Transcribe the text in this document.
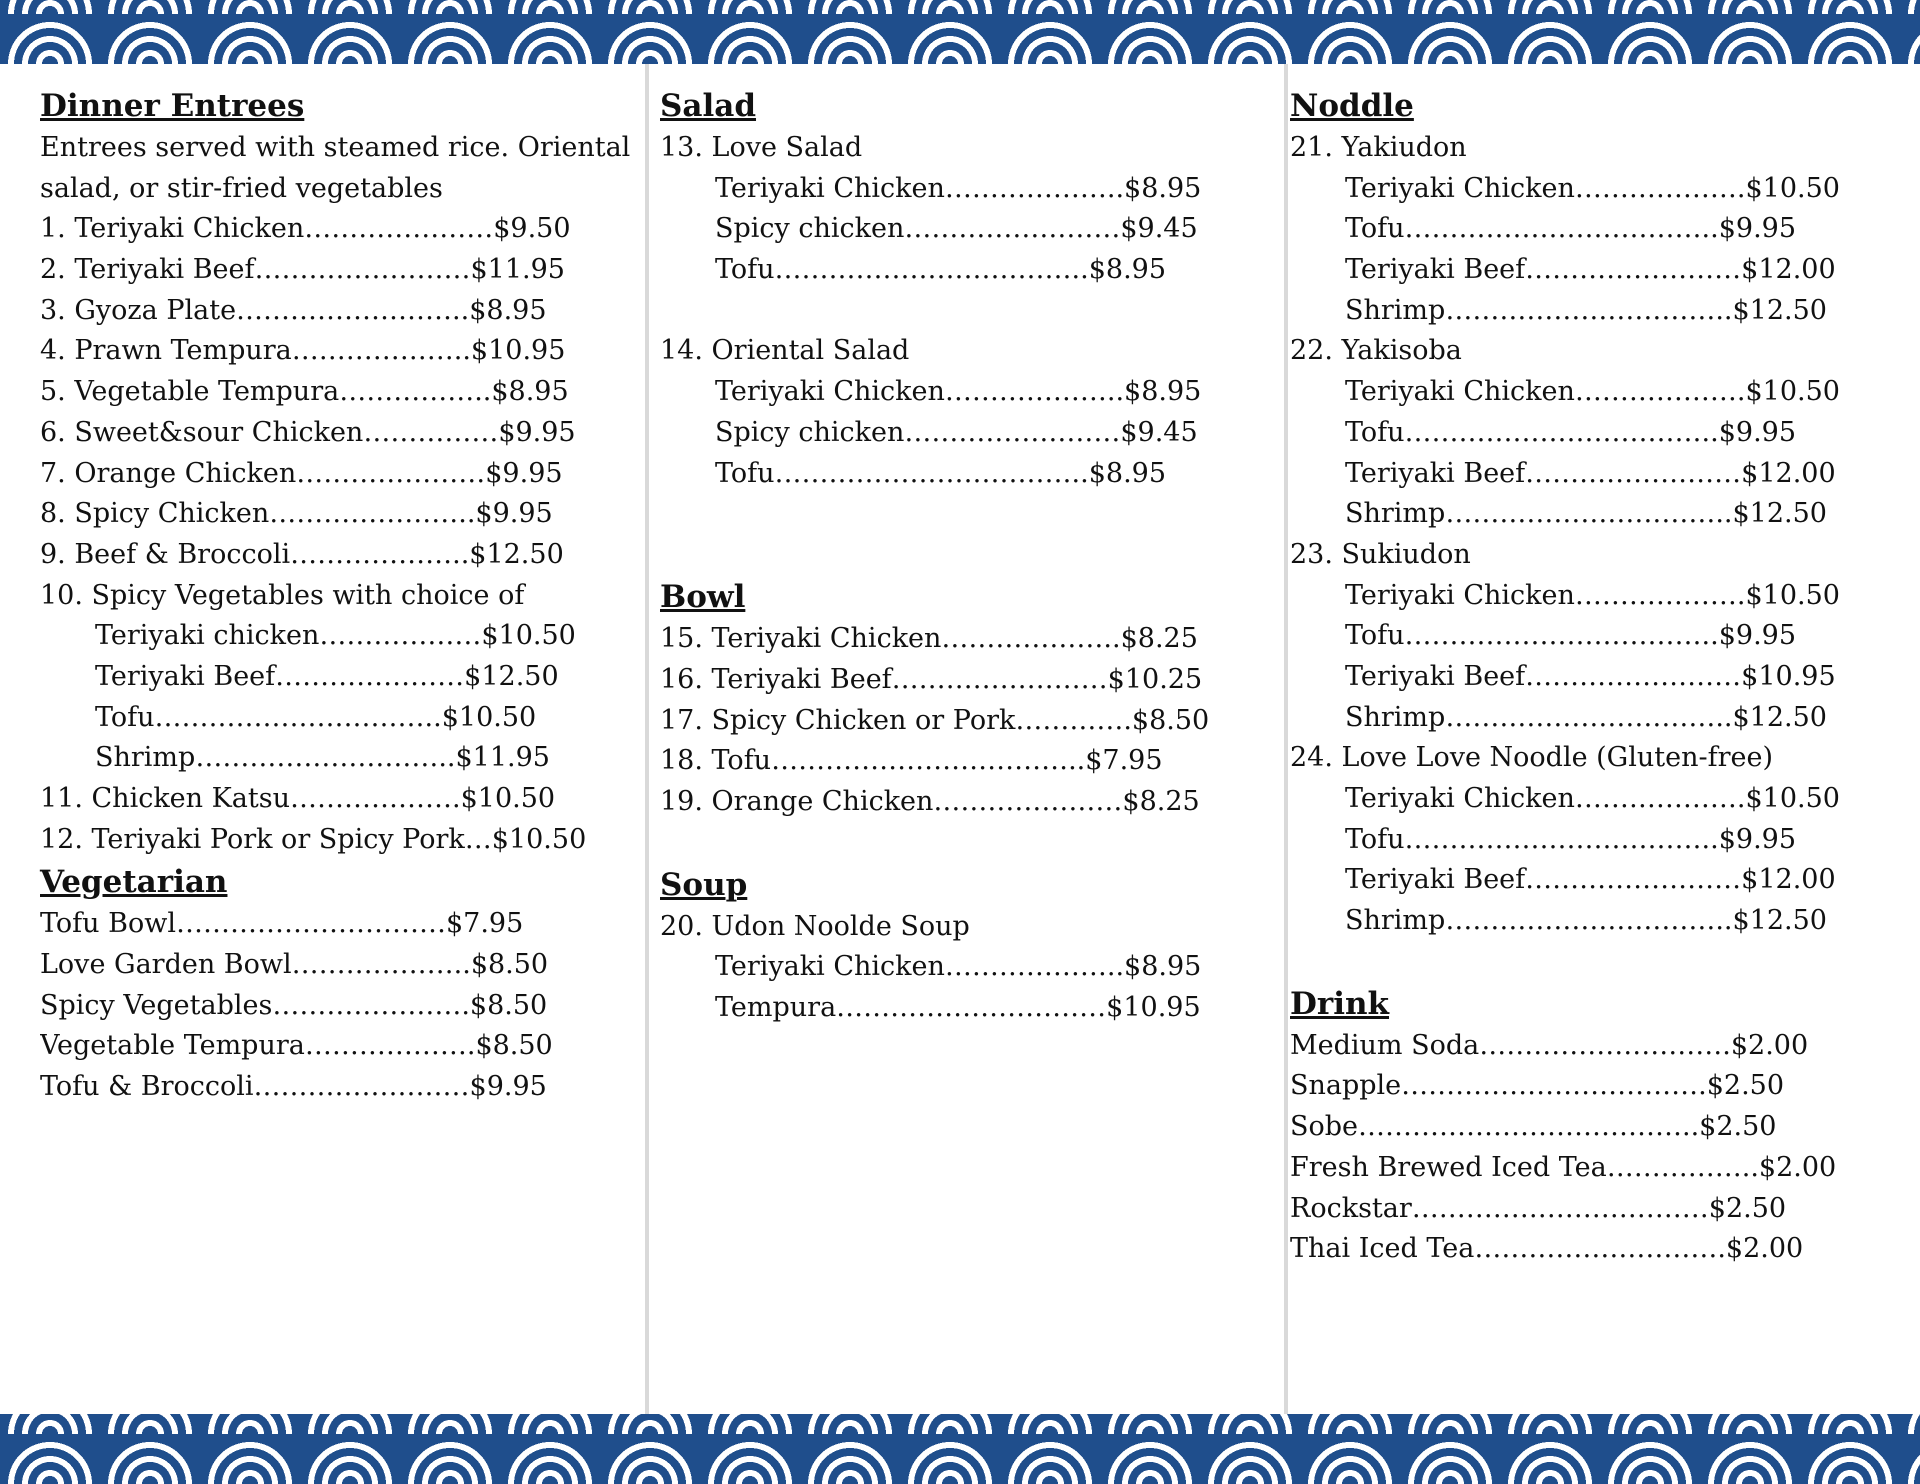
Dinner Entrees
Entrees served with steamed rice. Oriental salad, or stir-fried vegetables
1. Teriyaki Chicken…………………$9.50
2. Teriyaki Beef……………………$11.95
3. Gyoza Plate……………………..$8.95
4. Prawn Tempura………………..$10.95
5. Vegetable Tempura……………..$8.95
6. Sweet&sour Chicken……………$9.95
7. Orange Chicken…………………$9.95
8. Spicy Chicken…………………..$9.95
9. Beef & Broccoli………………..$12.50
10. Spicy Vegetables with choice of
Teriyaki chicken………………$10.50
Teriyaki Beef…………………$12.50
Tofu…………………………..$10.50
Shrimp………………………..$11.95
11. Chicken Katsu……………….$10.50
12. Teriyaki Pork or Spicy Pork…$10.50
Vegetarian
Tofu Bowl…………………………$7.95
Love Garden Bowl………………..$8.50
Spicy Vegetables………………….$8.50
Vegetable Tempura……………….$8.50
Tofu & Broccoli……………………$9.95
Salad
13. Love Salad
Teriyaki Chicken………………..$8.95
Spicy chicken……………………$9.45
Tofu……………………………..$8.95
14. Oriental Salad
Teriyaki Chicken………………..$8.95
Spicy chicken……………………$9.45
Tofu……………………………..$8.95
Bowl
15. Teriyaki Chicken………………..$8.25
16. Teriyaki Beef……………………$10.25
17. Spicy Chicken or Pork………….$8.50
18. Tofu……………………………..$7.95
19. Orange Chicken…………………$8.25
Soup
20. Udon Noolde Soup
Teriyaki Chicken………………..$8.95
Tempura…………………………$10.95
Noddle
21. Yakiudon
Teriyaki Chicken……………….$10.50
Tofu……………………………..$9.95
Teriyaki Beef……………………$12.00
Shrimp…………………………..$12.50
22. Yakisoba
Teriyaki Chicken……………….$10.50
Tofu……………………………..$9.95
Teriyaki Beef……………………$12.00
Shrimp…………………………..$12.50
23. Sukiudon
Teriyaki Chicken……………….$10.50
Tofu……………………………..$9.95
Teriyaki Beef……………………$10.95
Shrimp…………………………..$12.50
24. Love Love Noodle (Gluten-free)
Teriyaki Chicken……………….$10.50
Tofu……………………………..$9.95
Teriyaki Beef……………………$12.00
Shrimp…………………………..$12.50
Drink
Medium Soda……………………….$2.00
Snapple…………………………….$2.50
Sobe………………………………..$2.50
Fresh Brewed Iced Tea……………..$2.00
Rockstar……………………………$2.50
Thai Iced Tea……………………….$2.00
